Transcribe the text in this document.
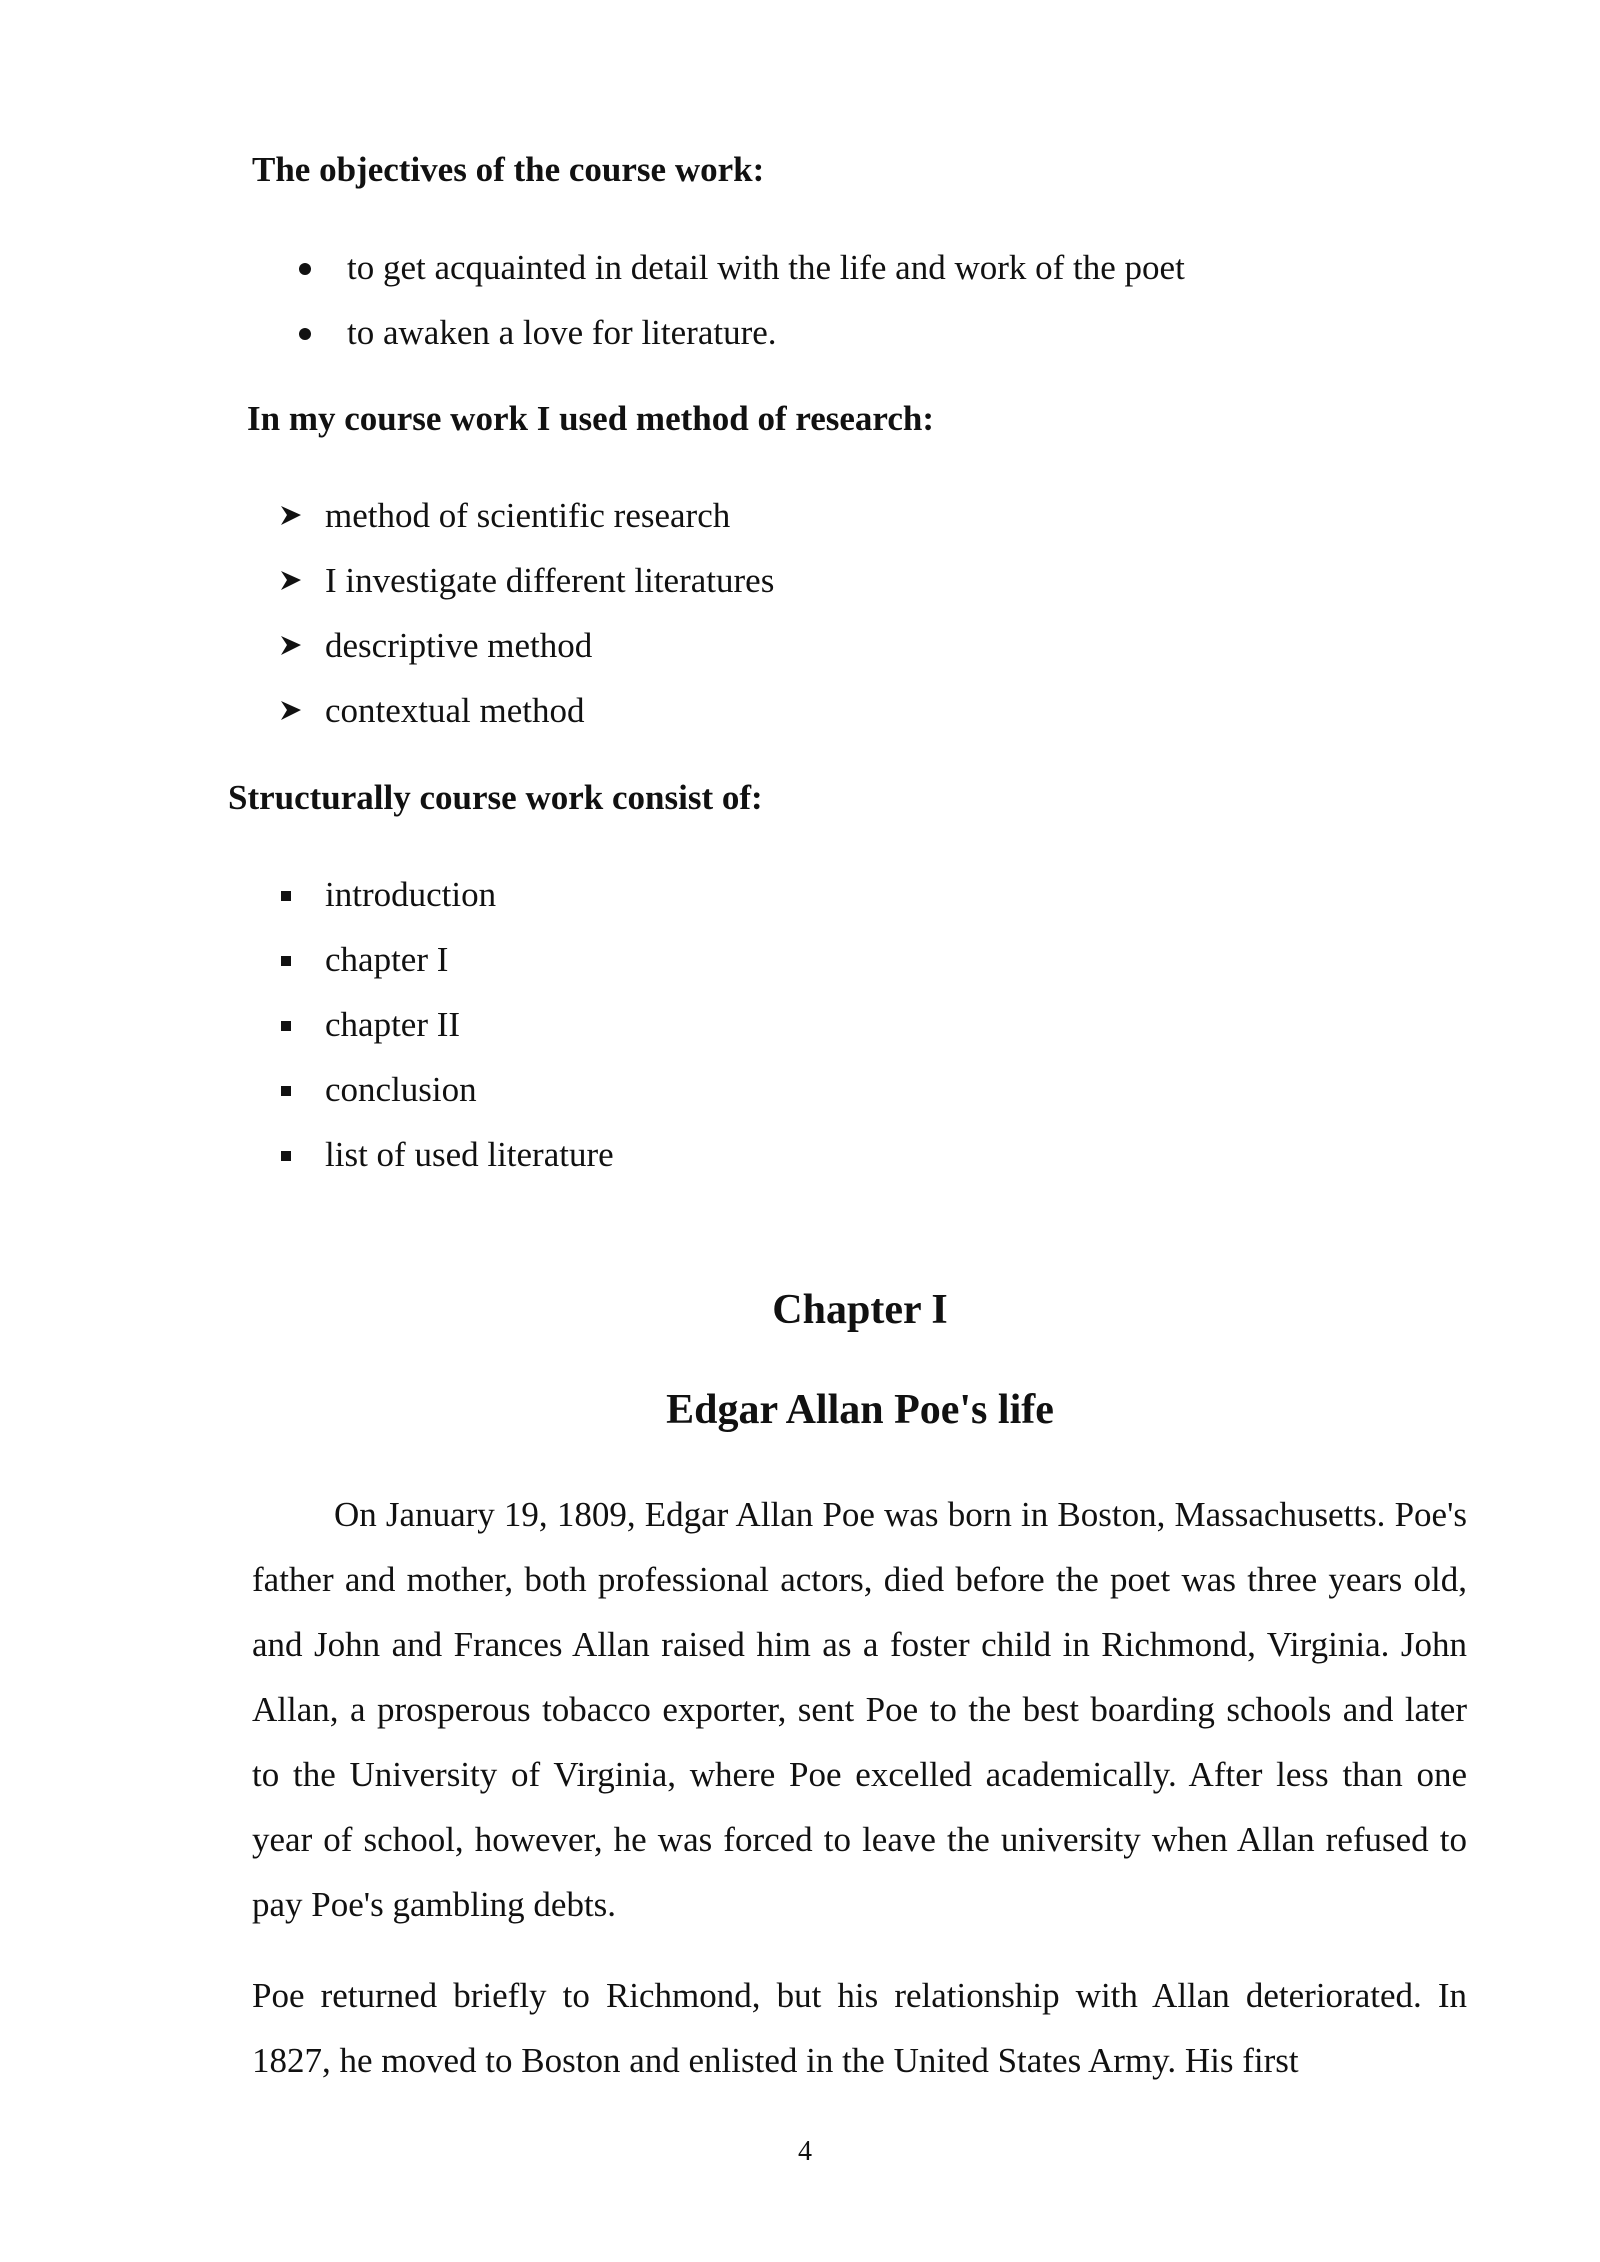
The objectives of the course work:
to get acquainted in detail with the life and work of the poet
to awaken a love for literature.
In my course work I used method of research:
method of scientific research
I investigate different literatures
descriptive method
contextual method
Structurally course work consist of:
introduction
chapter I
chapter II
conclusion
list of used literature
Chapter I
Edgar Allan Poe's life

On January 19, 1809, Edgar Allan Poe was born in Boston, Massachusetts. Poe's father and mother, both professional actors, died before the poet was three years old, and John and Frances Allan raised him as a foster child in Richmond, Virginia. John Allan, a prosperous tobacco exporter, sent Poe to the best boarding schools and later to the University of Virginia, where Poe excelled academically. After less than one year of school, however, he was forced to leave the university when Allan refused to pay Poe's gambling debts.

Poe returned briefly to Richmond, but his relationship with Allan deteriorated. In 1827, he moved to Boston and enlisted in the United States Army. His first

4
